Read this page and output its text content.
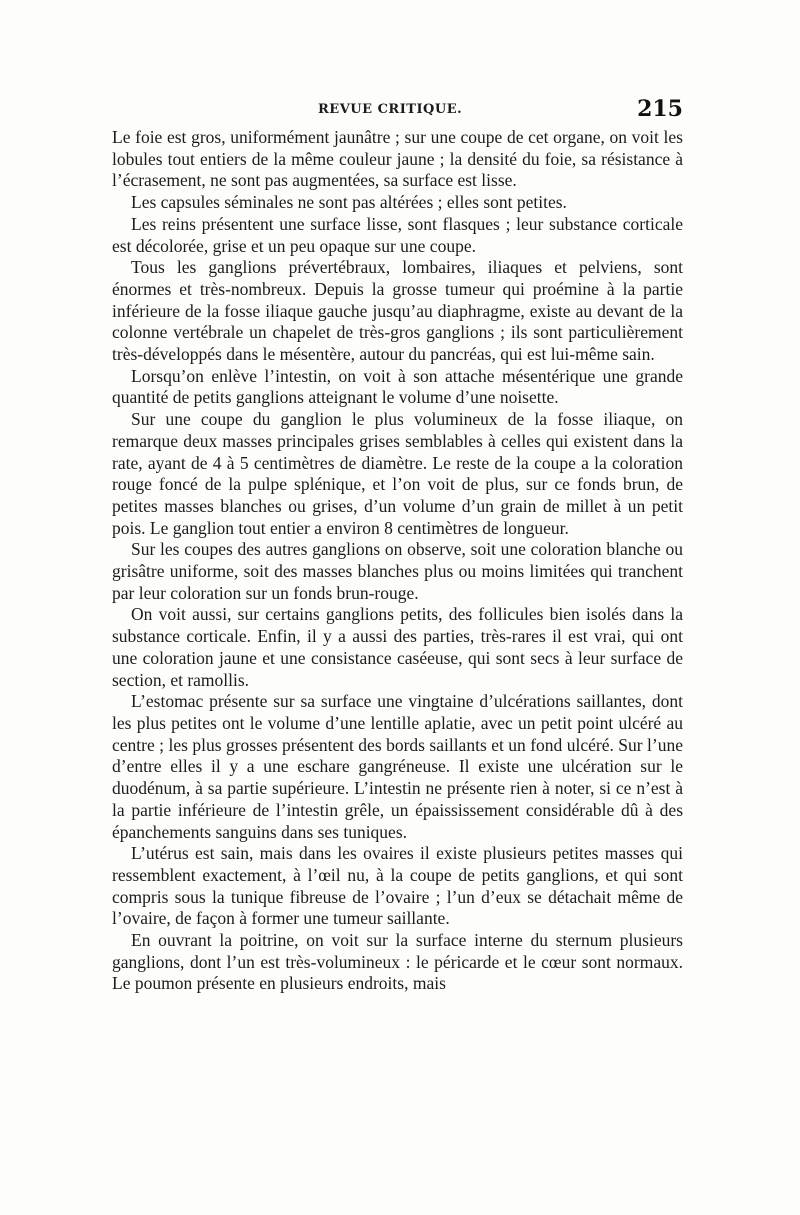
REVUE CRITIQUE.	215

Le foie est gros, uniformément jaunâtre ; sur une coupe de cet organe, on voit les lobules tout entiers de la même couleur jaune ; la densité du foie, sa résistance à l’écrasement, ne sont pas augmentées, sa surface est lisse.

Les capsules séminales ne sont pas altérées ; elles sont petites.

Les reins présentent une surface lisse, sont flasques ; leur substance corticale est décolorée, grise et un peu opaque sur une coupe.

Tous les ganglions prévertébraux, lombaires, iliaques et pelviens, sont énormes et très-nombreux. Depuis la grosse tumeur qui proémine à la partie inférieure de la fosse iliaque gauche jusqu’au diaphragme, existe au devant de la colonne vertébrale un chapelet de très-gros ganglions ; ils sont particulièrement très-développés dans le mésentère, autour du pancréas, qui est lui-même sain.

Lorsqu’on enlève l’intestin, on voit à son attache mésentérique une grande quantité de petits ganglions atteignant le volume d’une noisette.

Sur une coupe du ganglion le plus volumineux de la fosse iliaque, on remarque deux masses principales grises semblables à celles qui existent dans la rate, ayant de 4 à 5 centimètres de diamètre. Le reste de la coupe a la coloration rouge foncé de la pulpe splénique, et l’on voit de plus, sur ce fonds brun, de petites masses blanches ou grises, d’un volume d’un grain de millet à un petit pois. Le ganglion tout entier a environ 8 centimètres de longueur.

Sur les coupes des autres ganglions on observe, soit une coloration blanche ou grisâtre uniforme, soit des masses blanches plus ou moins limitées qui tranchent par leur coloration sur un fonds brun-rouge.

On voit aussi, sur certains ganglions petits, des follicules bien isolés dans la substance corticale. Enfin, il y a aussi des parties, très-rares il est vrai, qui ont une coloration jaune et une consistance caséeuse, qui sont secs à leur surface de section, et ramollis.

L’estomac présente sur sa surface une vingtaine d’ulcérations saillantes, dont les plus petites ont le volume d’une lentille aplatie, avec un petit point ulcéré au centre ; les plus grosses présentent des bords saillants et un fond ulcéré. Sur l’une d’entre elles il y a une eschare gangréneuse. Il existe une ulcération sur le duodénum, à sa partie supérieure. L’intestin ne présente rien à noter, si ce n’est à la partie inférieure de l’intestin grêle, un épaississement considérable dû à des épanchements sanguins dans ses tuniques.

L’utérus est sain, mais dans les ovaires il existe plusieurs petites masses qui ressemblent exactement, à l’œil nu, à la coupe de petits ganglions, et qui sont compris sous la tunique fibreuse de l’ovaire ; l’un d’eux se détachait même de l’ovaire, de façon à former une tumeur saillante.

En ouvrant la poitrine, on voit sur la surface interne du sternum plusieurs ganglions, dont l’un est très-volumineux : le péricarde et le cœur sont normaux. Le poumon présente en plusieurs endroits, mais
